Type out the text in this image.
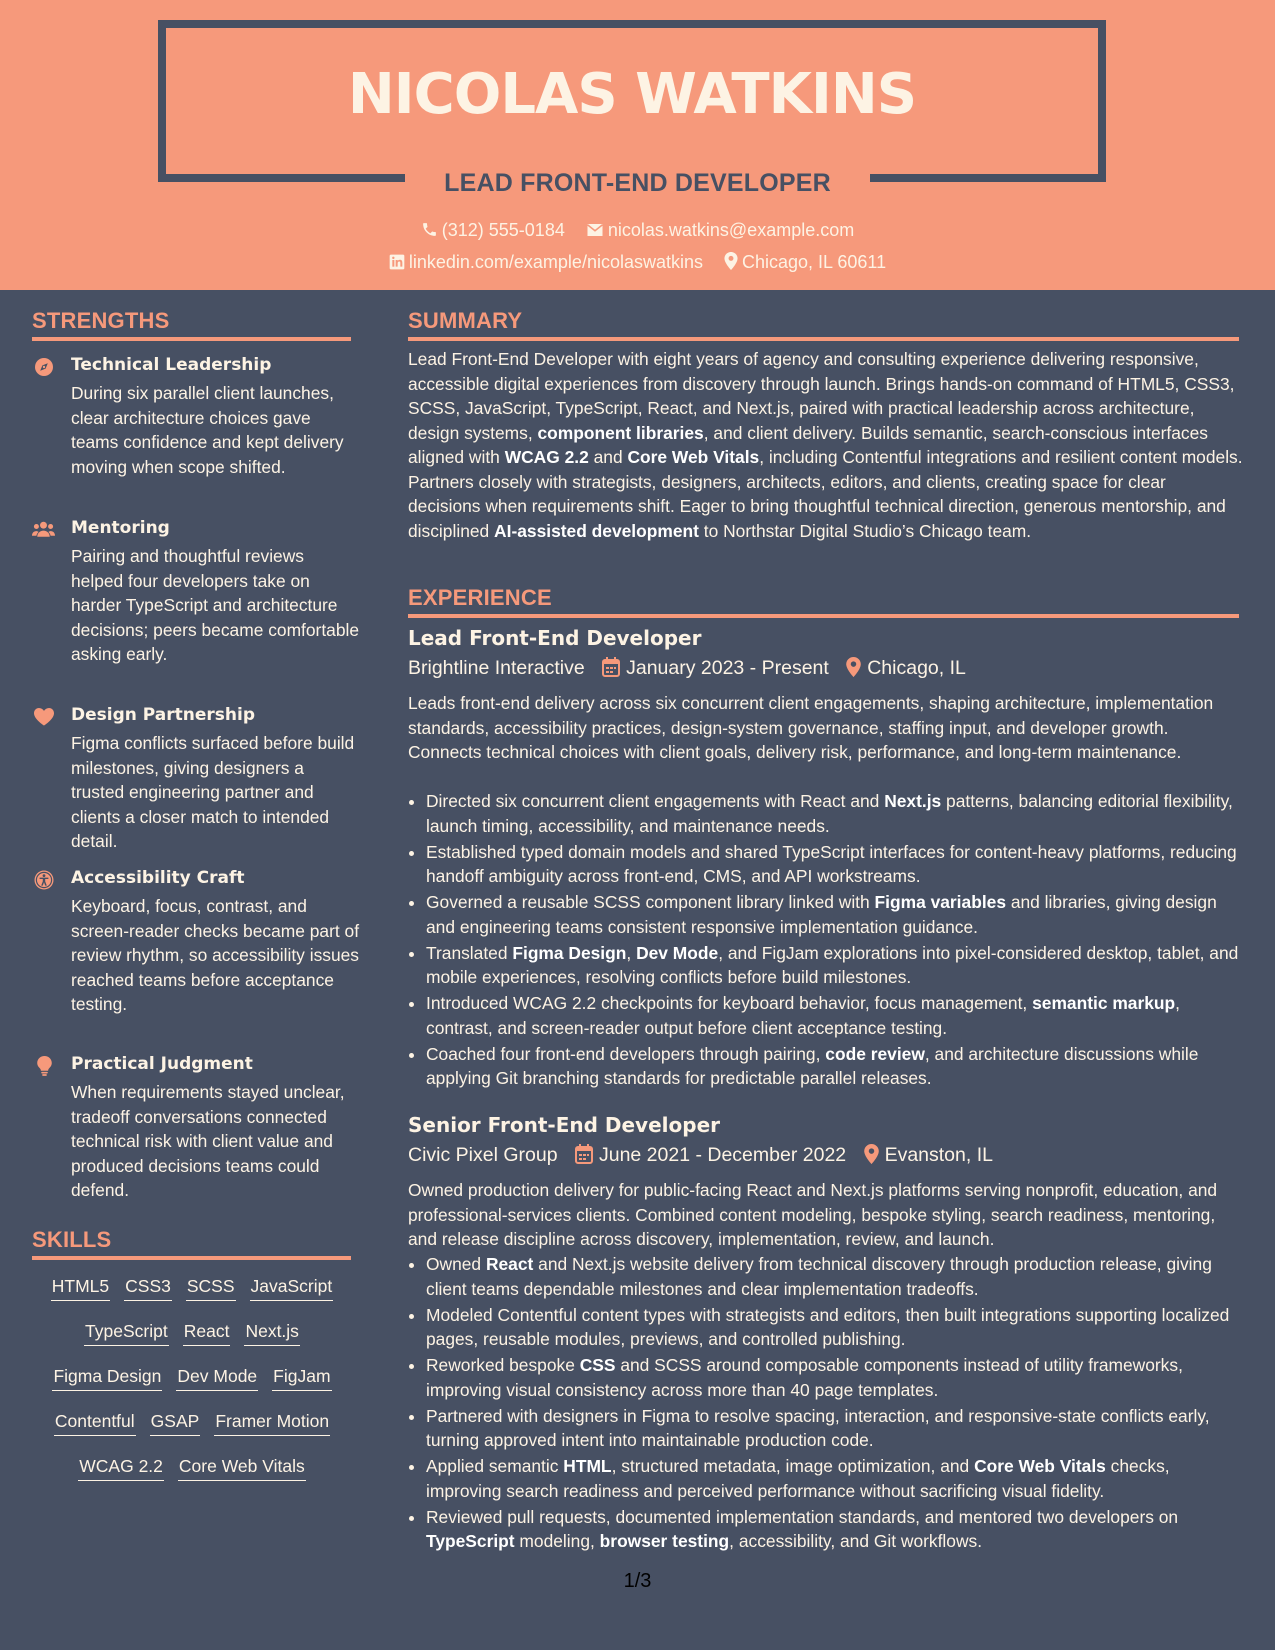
NICOLAS WATKINS
LEAD FRONT-END DEVELOPER
(312) 555-0184 nicolas.watkins@example.com
linkedin.com/example/nicolaswatkins Chicago, IL 60611
STRENGTHS
Technical Leadership
During six parallel client launches, clear architecture choices gave teams confidence and kept delivery moving when scope shifted.
Mentoring
Pairing and thoughtful reviews helped four developers take on harder TypeScript and architecture decisions; peers became comfortable asking early.
Design Partnership
Figma conflicts surfaced before build milestones, giving designers a trusted engineering partner and clients a closer match to intended detail.
Accessibility Craft
Keyboard, focus, contrast, and screen-reader checks became part of review rhythm, so accessibility issues reached teams before acceptance testing.
Practical Judgment
When requirements stayed unclear, tradeoff conversations connected technical risk with client value and produced decisions teams could defend.
SKILLS
HTML5 CSS3 SCSS JavaScript
TypeScript React Next.js
Figma Design Dev Mode FigJam
Contentful GSAP Framer Motion
WCAG 2.2 Core Web Vitals
SUMMARY
Lead Front-End Developer with eight years of agency and consulting experience delivering responsive, accessible digital experiences from discovery through launch. Brings hands-on command of HTML5, CSS3, SCSS, JavaScript, TypeScript, React, and Next.js, paired with practical leadership across architecture, design systems, component libraries, and client delivery. Builds semantic, search-conscious interfaces aligned with WCAG 2.2 and Core Web Vitals, including Contentful integrations and resilient content models. Partners closely with strategists, designers, architects, editors, and clients, creating space for clear decisions when requirements shift. Eager to bring thoughtful technical direction, generous mentorship, and disciplined AI-assisted development to Northstar Digital Studio’s Chicago team.
EXPERIENCE
Lead Front-End Developer
Brightline Interactive January 2023 - Present Chicago, IL
Leads front-end delivery across six concurrent client engagements, shaping architecture, implementation standards, accessibility practices, design-system governance, staffing input, and developer growth. Connects technical choices with client goals, delivery risk, performance, and long-term maintenance.
• Directed six concurrent client engagements with React and Next.js patterns, balancing editorial flexibility, launch timing, accessibility, and maintenance needs.
• Established typed domain models and shared TypeScript interfaces for content-heavy platforms, reducing handoff ambiguity across front-end, CMS, and API workstreams.
• Governed a reusable SCSS component library linked with Figma variables and libraries, giving design and engineering teams consistent responsive implementation guidance.
• Translated Figma Design, Dev Mode, and FigJam explorations into pixel-considered desktop, tablet, and mobile experiences, resolving conflicts before build milestones.
• Introduced WCAG 2.2 checkpoints for keyboard behavior, focus management, semantic markup, contrast, and screen-reader output before client acceptance testing.
• Coached four front-end developers through pairing, code review, and architecture discussions while applying Git branching standards for predictable parallel releases.
Senior Front-End Developer
Civic Pixel Group June 2021 - December 2022 Evanston, IL
Owned production delivery for public-facing React and Next.js platforms serving nonprofit, education, and professional-services clients. Combined content modeling, bespoke styling, search readiness, mentoring, and release discipline across discovery, implementation, review, and launch.
• Owned React and Next.js website delivery from technical discovery through production release, giving client teams dependable milestones and clear implementation tradeoffs.
• Modeled Contentful content types with strategists and editors, then built integrations supporting localized pages, reusable modules, previews, and controlled publishing.
• Reworked bespoke CSS and SCSS around composable components instead of utility frameworks, improving visual consistency across more than 40 page templates.
• Partnered with designers in Figma to resolve spacing, interaction, and responsive-state conflicts early, turning approved intent into maintainable production code.
• Applied semantic HTML, structured metadata, image optimization, and Core Web Vitals checks, improving search readiness and perceived performance without sacrificing visual fidelity.
• Reviewed pull requests, documented implementation standards, and mentored two developers on TypeScript modeling, browser testing, accessibility, and Git workflows.
1/3
